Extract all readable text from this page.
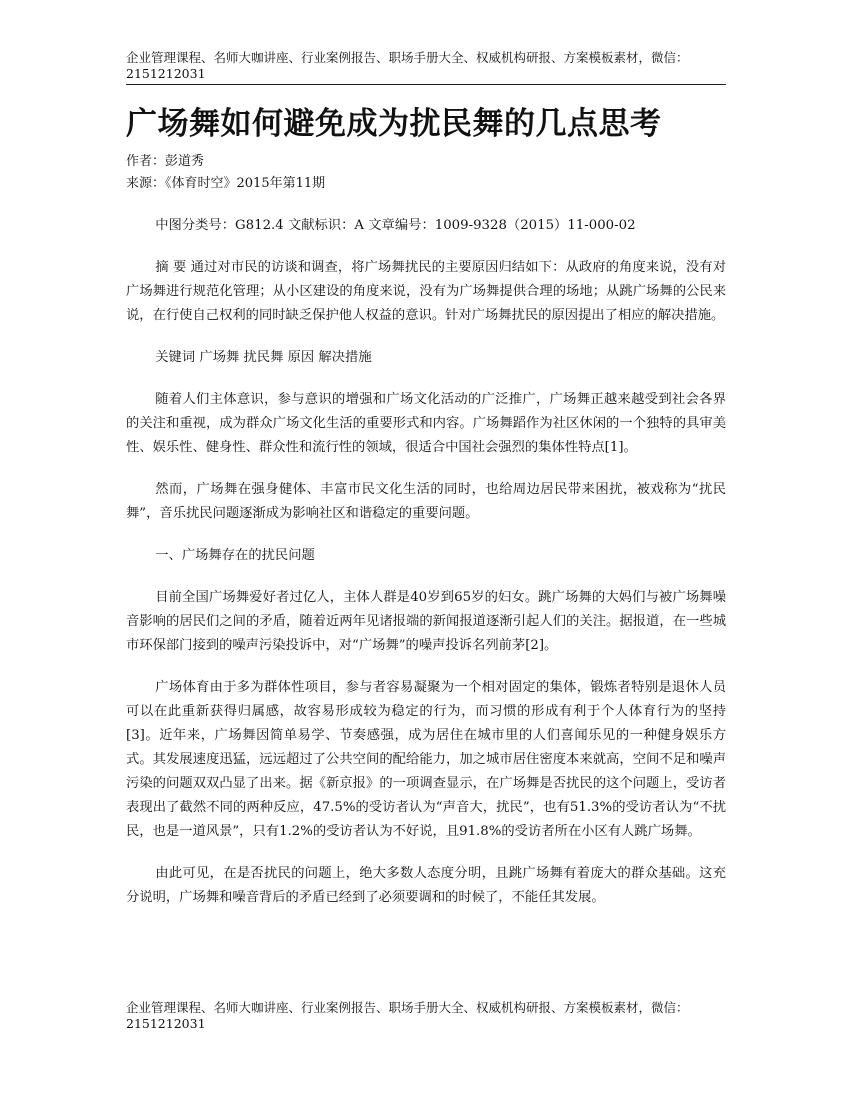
企业管理课程、名师大咖讲座、行业案例报告、职场手册大全、权威机构研报、方案模板素材，微信：2151212031
广场舞如何避免成为扰民舞的几点思考
作者：彭道秀
来源：《体育时空》2015年第11期

中图分类号：G812.4 文献标识：A 文章编号：1009-9328（2015）11-000-02

摘 要 通过对市民的访谈和调查，将广场舞扰民的主要原因归结如下：从政府的角度来说，没有对广场舞进行规范化管理；从小区建设的角度来说，没有为广场舞提供合理的场地；从跳广场舞的公民来说，在行使自己权利的同时缺乏保护他人权益的意识。针对广场舞扰民的原因提出了相应的解决措施。

关键词 广场舞 扰民舞 原因 解决措施

随着人们主体意识，参与意识的增强和广场文化活动的广泛推广，广场舞正越来越受到社会各界的关注和重视，成为群众广场文化生活的重要形式和内容。广场舞蹈作为社区休闲的一个独特的具审美性、娱乐性、健身性、群众性和流行性的领域，很适合中国社会强烈的集体性特点[1]。

然而，广场舞在强身健体、丰富市民文化生活的同时，也给周边居民带来困扰，被戏称为“扰民舞”，音乐扰民问题逐渐成为影响社区和谐稳定的重要问题。

一、广场舞存在的扰民问题

目前全国广场舞爱好者过亿人，主体人群是40岁到65岁的妇女。跳广场舞的大妈们与被广场舞噪音影响的居民们之间的矛盾，随着近两年见诸报端的新闻报道逐渐引起人们的关注。据报道，在一些城市环保部门接到的噪声污染投诉中，对“广场舞”的噪声投诉名列前茅[2]。

广场体育由于多为群体性项目，参与者容易凝聚为一个相对固定的集体，锻炼者特别是退休人员可以在此重新获得归属感，故容易形成较为稳定的行为，而习惯的形成有利于个人体育行为的坚持[3]。近年来，广场舞因简单易学、节奏感强，成为居住在城市里的人们喜闻乐见的一种健身娱乐方式。其发展速度迅猛，远远超过了公共空间的配给能力，加之城市居住密度本来就高，空间不足和噪声污染的问题双双凸显了出来。据《新京报》的一项调查显示，在广场舞是否扰民的这个问题上，受访者表现出了截然不同的两种反应，47.5%的受访者认为“声音大，扰民”，也有51.3%的受访者认为“不扰民，也是一道风景”，只有1.2%的受访者认为不好说，且91.8%的受访者所在小区有人跳广场舞。

由此可见，在是否扰民的问题上，绝大多数人态度分明，且跳广场舞有着庞大的群众基础。这充分说明，广场舞和噪音背后的矛盾已经到了必须要调和的时候了，不能任其发展。

企业管理课程、名师大咖讲座、行业案例报告、职场手册大全、权威机构研报、方案模板素材，微信：2151212031
